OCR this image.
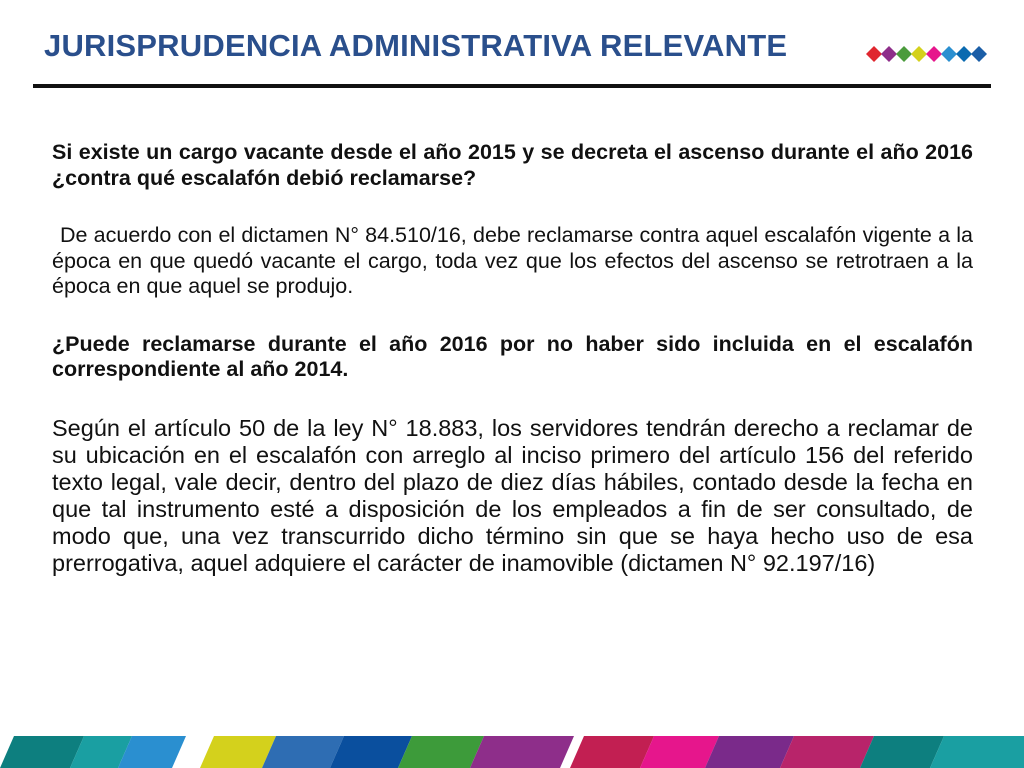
JURISPRUDENCIA ADMINISTRATIVA RELEVANTE

Si existe un cargo vacante desde el año 2015 y se decreta el ascenso durante el año 2016 ¿contra qué escalafón debió reclamarse?

De acuerdo con el dictamen N° 84.510/16, debe reclamarse contra aquel escalafón vigente a la época en que quedó vacante el cargo, toda vez que los efectos del ascenso se retrotraen a la época en que aquel se produjo.

¿Puede reclamarse durante el año 2016 por no haber sido incluida en el escalafón correspondiente al año 2014.

Según el artículo 50 de la ley N° 18.883, los servidores tendrán derecho a reclamar de su ubicación en el escalafón con arreglo al inciso primero del artículo 156 del referido texto legal, vale decir, dentro del plazo de diez días hábiles, contado desde la fecha en que tal instrumento esté a disposición de los empleados a fin de ser consultado, de modo que, una vez transcurrido dicho término sin que se haya hecho uso de esa prerrogativa, aquel adquiere el carácter de inamovible (dictamen N° 92.197/16)
